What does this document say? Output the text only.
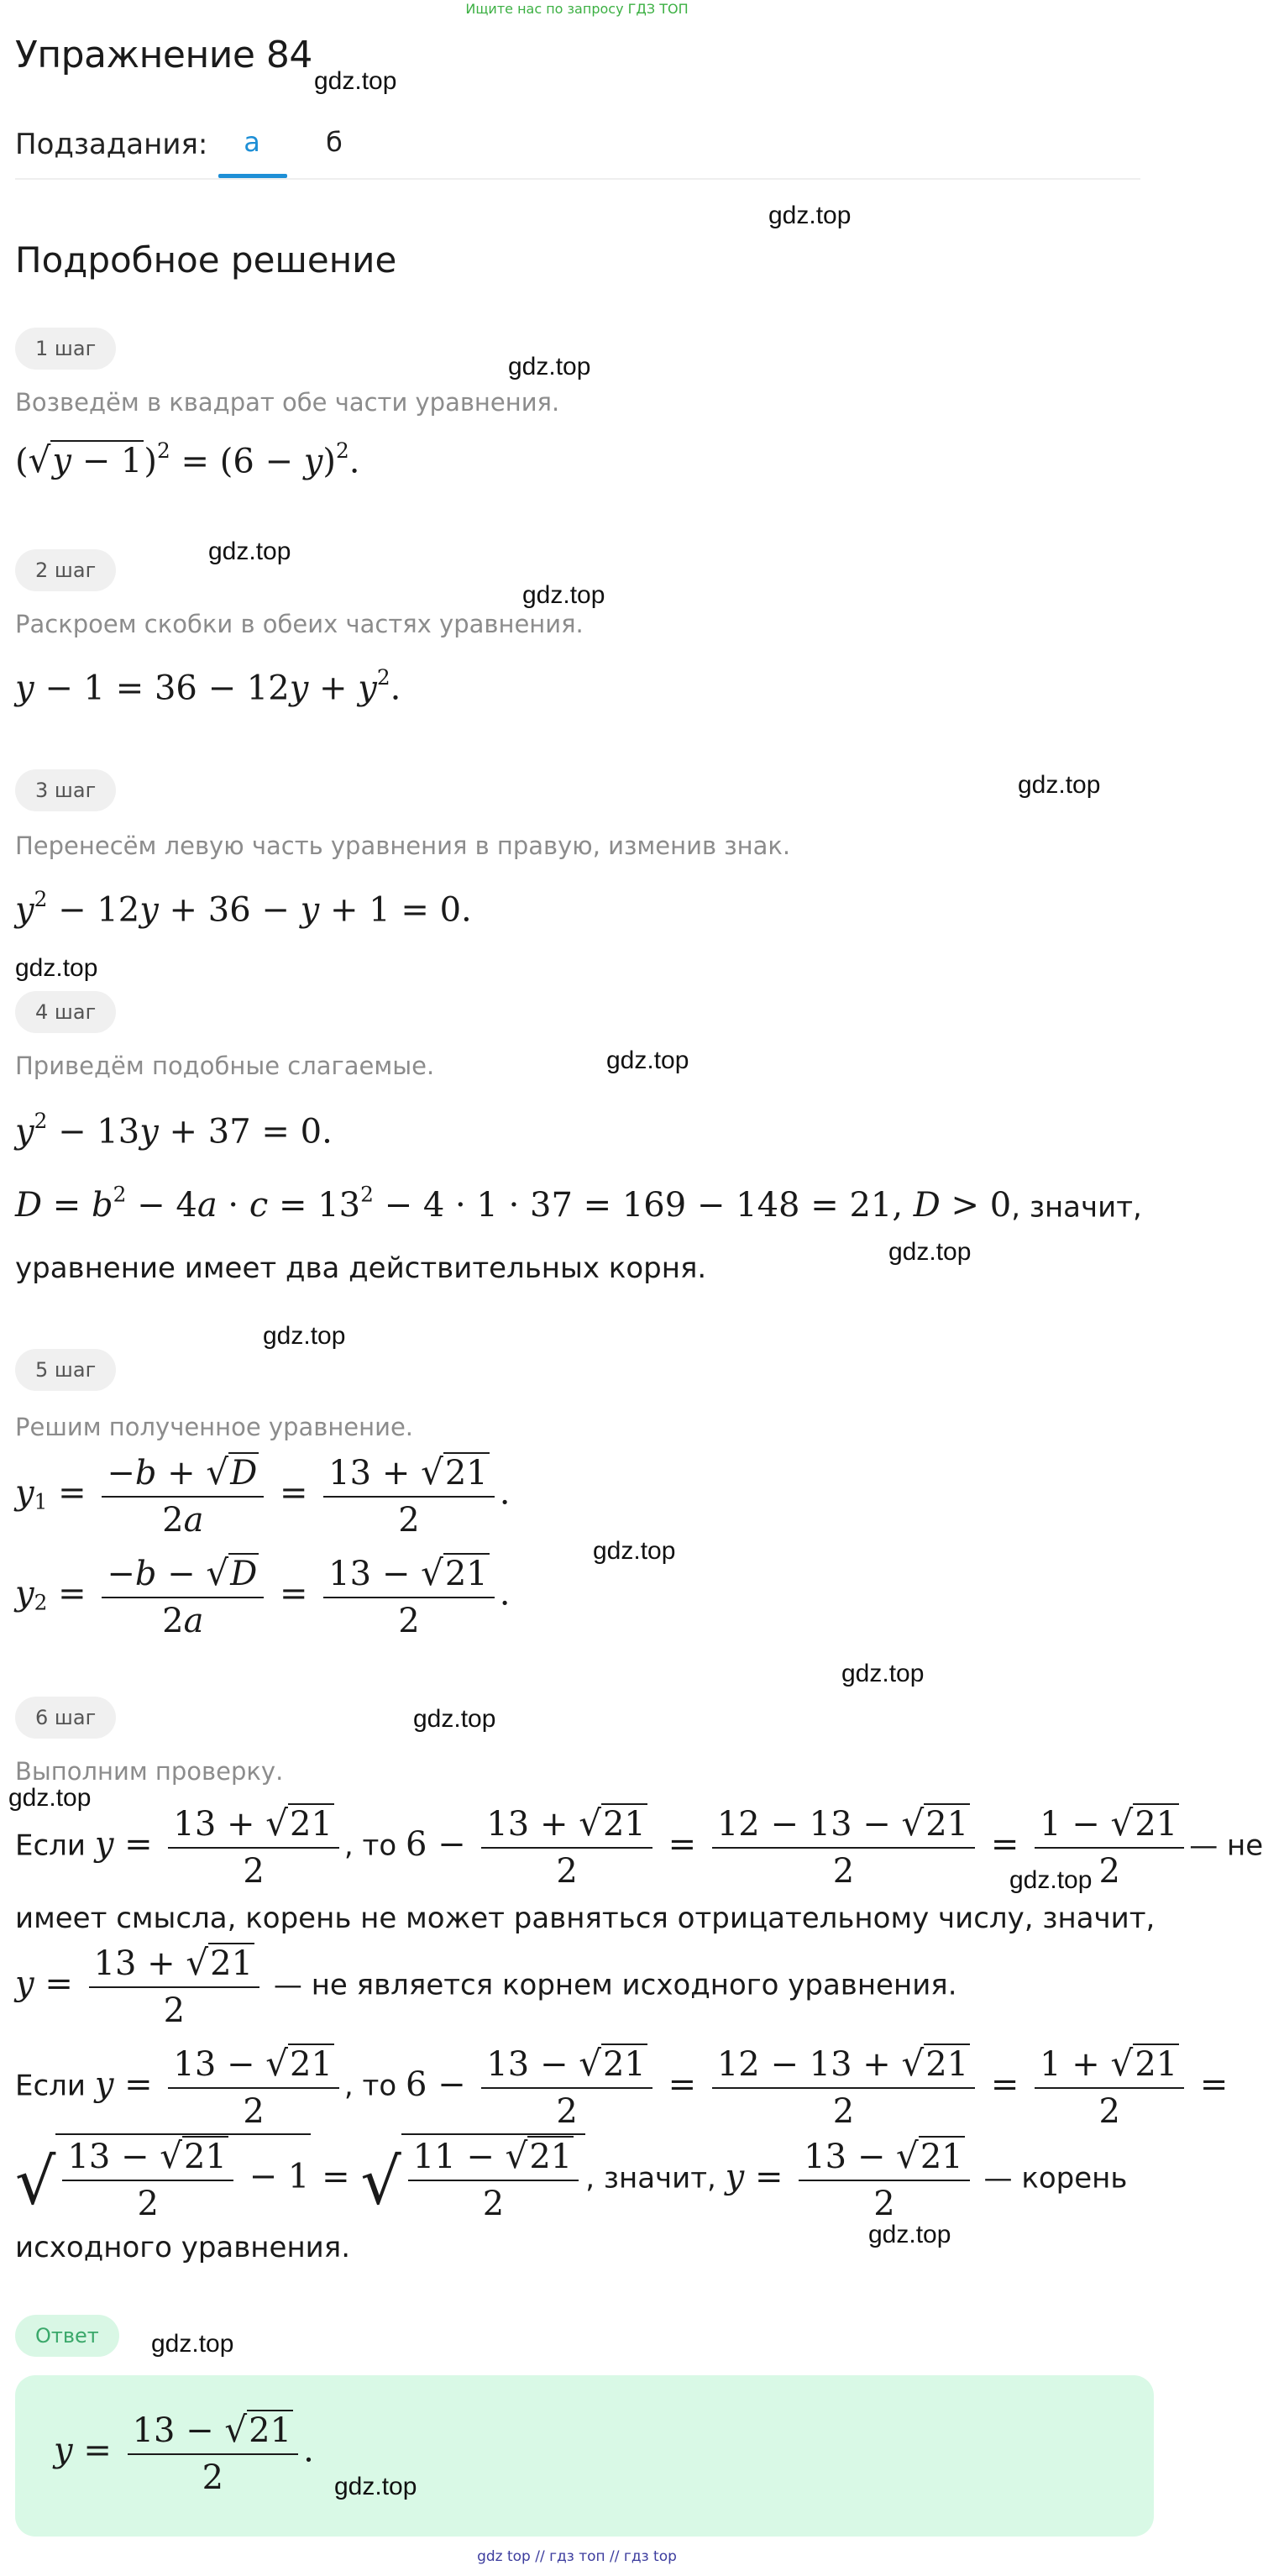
Ищите нас по запросу ГДЗ ТОП
Упражнение 84
gdz.top
Подзадания:	а	б
gdz.top
Подробное решение
1 шаг
gdz.top
Возведём в квадрат обе части уравнения.
$(√y - 1)^2 = (6 - y)^2$.
gdz.top
2 шаг
gdz.top
Раскроем скобки в обеих частях уравнения.
$y - 1 = 36 - 12y + y^2$.
3 шаг	gdz.top
Перенесём левую часть уравнения в правую, изменив знак.
$y^2 - 12y + 36 - y + 1 = 0$.
gdz.top
4 шаг
gdz.top
Приведём подобные слагаемые.
$y^2 - 13y + 37 = 0$.
$D = b^2 - 4a \cdot c = 13^2 - 4 \cdot 1 \cdot 37 = 169 - 148 = 21$, D > 0, значит,
уравнение имеет два действительных корня.	gdz.top
gdz.top
5 шаг
Решим полученное уравнение.
$y_1 = \frac{-b + √D}{2a} = \frac{13 + √21}{2}$ .
$y_2 = \frac{-b - √D}{2a} = \frac{13 - √21}{2}$ .
gdz.top
gdz.top
6 шаг	gdz.top
Выполним проверку.
gdz.top
Если $y = \frac{13 + √21}{2}$ , то $6 - \frac{13 + √21}{2} = \frac{12 - 13 - √21}{2} = \frac{1 - √21}{2}$ — не
gdz.top
имеет смысла, корень не может равняться отрицательному числу, значит,
$y = \frac{13 + √21}{2}$ — не является корнем исходного уравнения.
Если $y = \frac{13 - √21}{2}$ , то $6 - \frac{13 - √21}{2} = \frac{12 - 13 + √21}{2} = \frac{1 + √21}{2}$ =
√ $\frac{13 - √21}{2} - 1$ = √ $\frac{11 - √21}{2}$ , значит, $y = \frac{13 - √21}{2}$ — корень
gdz.top
исходного уравнения.
Ответ	gdz.top
$y = \frac{13 - √21}{2}$ .
gdz.top
gdz top // гдз топ // гдз top
